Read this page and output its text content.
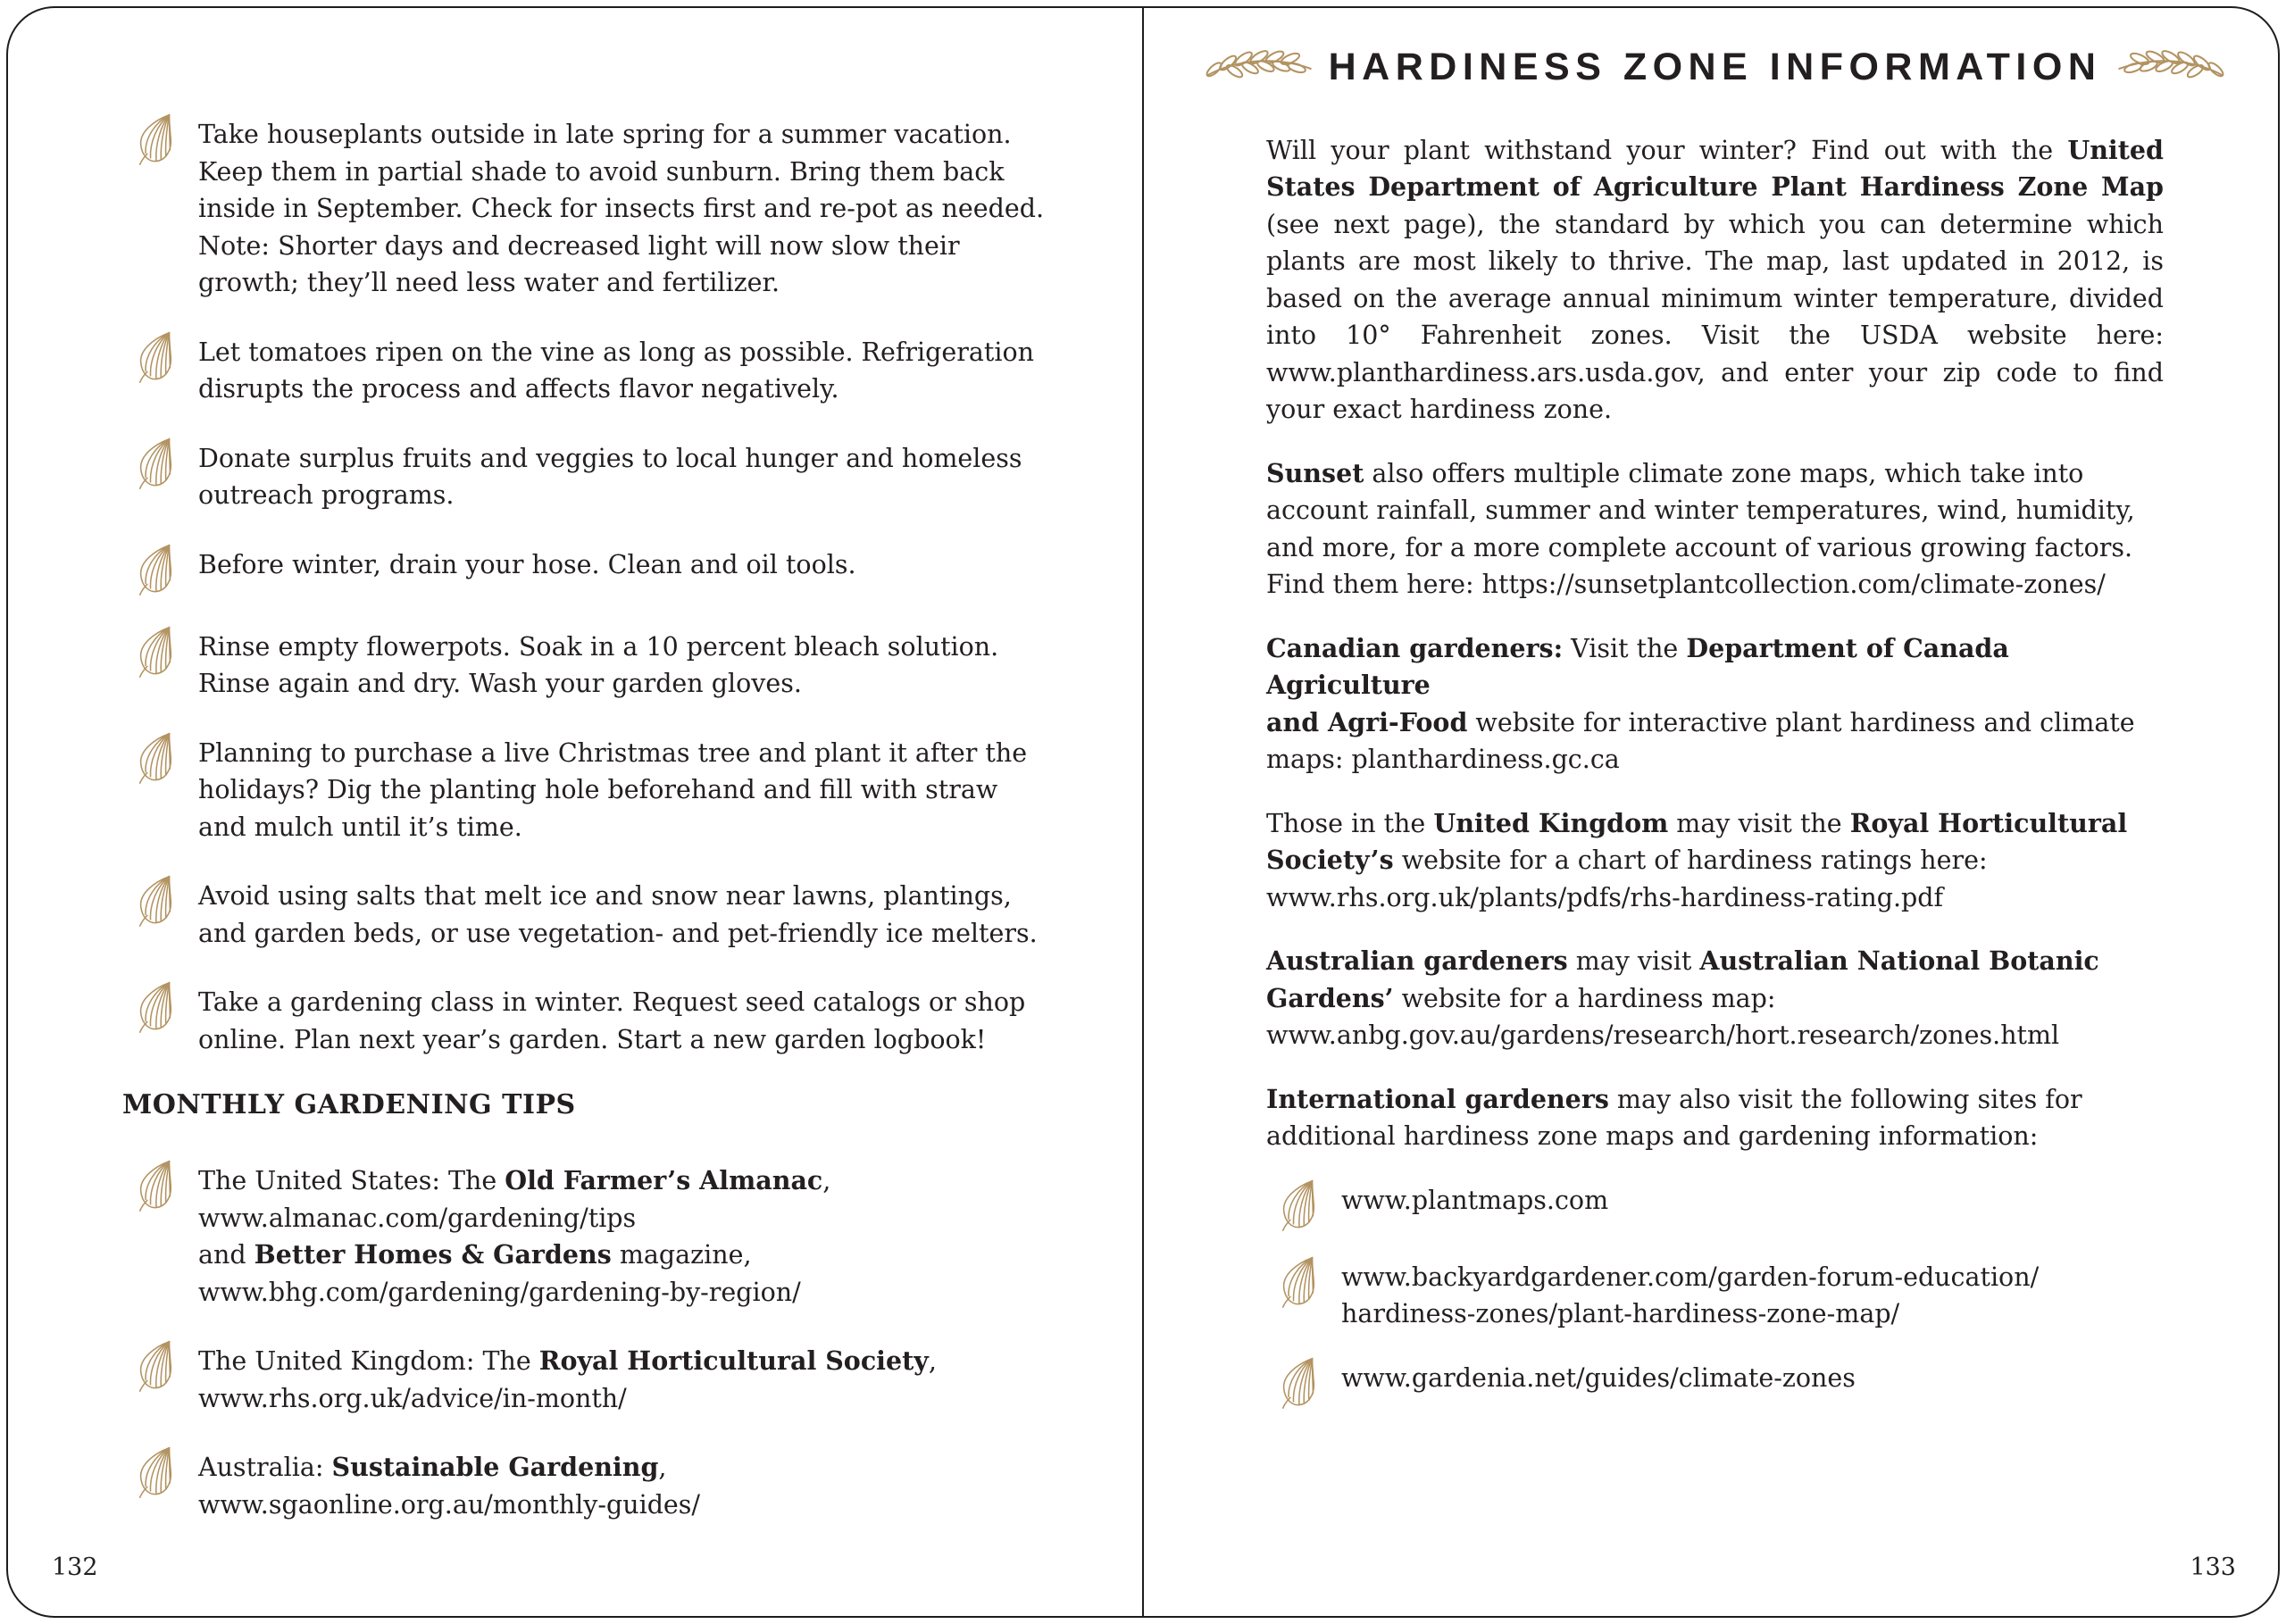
Take houseplants outside in late spring for a summer vacation.
Keep them in partial shade to avoid sunburn. Bring them back
inside in September. Check for insects first and re-pot as needed.
Note: Shorter days and decreased light will now slow their
growth; they’ll need less water and fertilizer.

Let tomatoes ripen on the vine as long as possible. Refrigeration
disrupts the process and affects flavor negatively.

Donate surplus fruits and veggies to local hunger and homeless
outreach programs.

Before winter, drain your hose. Clean and oil tools.

Rinse empty flowerpots. Soak in a 10 percent bleach solution.
Rinse again and dry. Wash your garden gloves.

Planning to purchase a live Christmas tree and plant it after the
holidays? Dig the planting hole beforehand and fill with straw
and mulch until it’s time.

Avoid using salts that melt ice and snow near lawns, plantings,
and garden beds, or use vegetation- and pet-friendly ice melters.

Take a gardening class in winter. Request seed catalogs or shop
online. Plan next year’s garden. Start a new garden logbook!

MONTHLY GARDENING TIPS

The United States: The Old Farmer’s Almanac,
www.almanac.com/gardening/tips
and Better Homes & Gardens magazine,
www.bhg.com/gardening/gardening-by-region/

The United Kingdom: The Royal Horticultural Society,
www.rhs.org.uk/advice/in-month/

Australia: Sustainable Gardening,
www.sgaonline.org.au/monthly-guides/

HARDINESS ZONE INFORMATION

Will your plant withstand your winter? Find out with the United States Department of Agriculture Plant Hardiness Zone Map (see next page), the standard by which you can determine which plants are most likely to thrive. The map, last updated in 2012, is based on the average annual minimum winter temperature, divided into 10° Fahrenheit zones. Visit the USDA website here: www.planthardiness.ars.usda.gov, and enter your zip code to find your exact hardiness zone.

Sunset also offers multiple climate zone maps, which take into
account rainfall, summer and winter temperatures, wind, humidity,
and more, for a more complete account of various growing factors.
Find them here: https://sunsetplantcollection.com/climate-zones/

Canadian gardeners: Visit the Department of Canada Agriculture
and Agri-Food website for interactive plant hardiness and climate
maps: planthardiness.gc.ca

Those in the United Kingdom may visit the Royal Horticultural
Society’s website for a chart of hardiness ratings here:
www.rhs.org.uk/plants/pdfs/rhs-hardiness-rating.pdf

Australian gardeners may visit Australian National Botanic
Gardens’ website for a hardiness map:
www.anbg.gov.au/gardens/research/hort.research/zones.html

International gardeners may also visit the following sites for
additional hardiness zone maps and gardening information:

www.plantmaps.com

www.backyardgardener.com/garden-forum-education/
hardiness-zones/plant-hardiness-zone-map/

www.gardenia.net/guides/climate-zones

132	133
